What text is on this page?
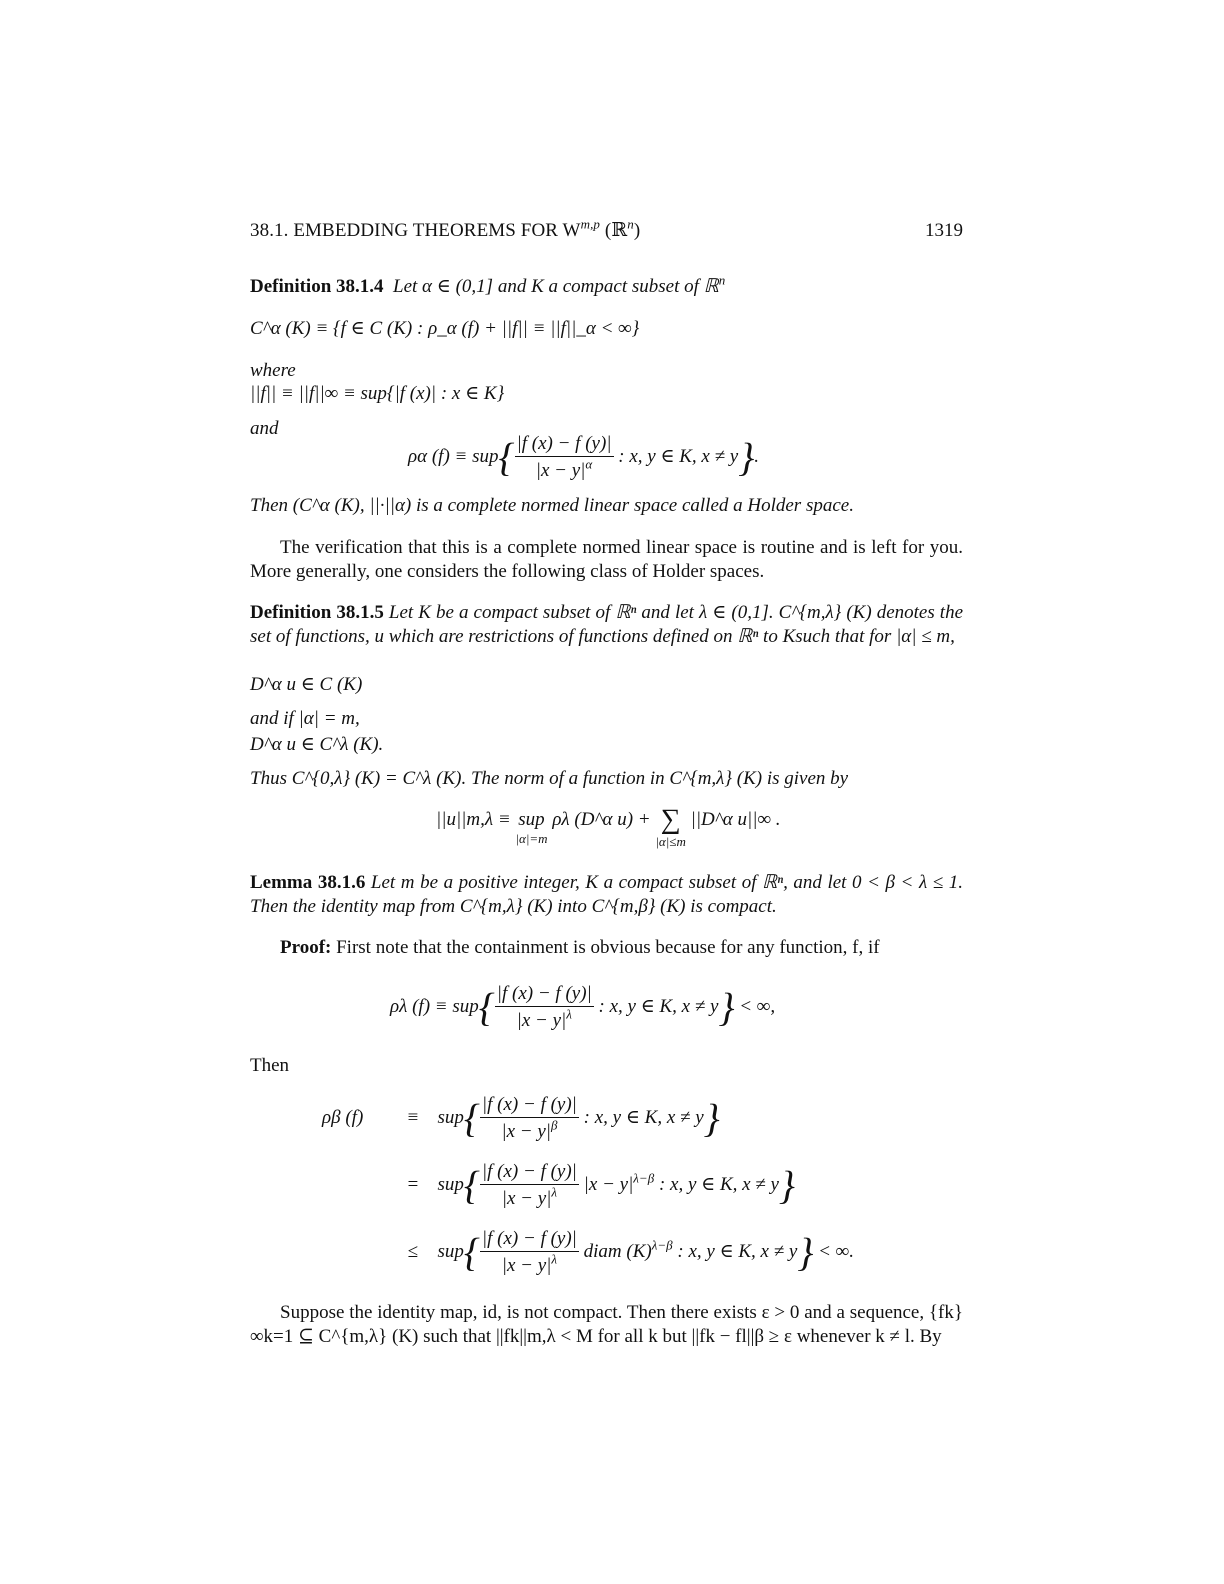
38.1. EMBEDDING THEOREMS FOR W$^{m,p}$ (ℝ$^n$)	1319
Definition 38.1.4 Let α ∈ (0,1] and K a compact subset of ℝ$^n$
C^α (K) ≡ {f ∈ C (K) : ρ_α (f) + ||f|| ≡ ||f||_α < ∞}
where
||f|| ≡ ||f||∞ ≡ sup{|f (x)| : x ∈ K}
and
ρα $(f) \equiv sup\{ \frac{|f (x) - f (y)|}{|x - y|^\alpha}$ : x, y ∈ K, x ≠ y}.
Then (C^α (K), ||·||α) is a complete normed linear space called a Holder space.
The verification that this is a complete normed linear space is routine and is left for you. More generally, one considers the following class of Holder spaces.
Definition 38.1.5 Let K be a compact subset of ℝⁿ and let λ ∈ (0,1]. C^{m,λ} (K) denotes the set of functions, u which are restrictions of functions defined on ℝⁿ to Ksuch that for |α| ≤ m,
D^α u ∈ C (K)
and if |α| = m,
D^α u ∈ C^λ (K).
Thus C^{0,λ} (K) = C^λ (K). The norm of a function in C^{m,λ} (K) is given by
||u||m,λ ≡ sup
|α|=m
ρλ (D^α u) + ∑
|α|≤m
||D^α u||∞ .
Lemma 38.1.6 Let m be a positive integer, K a compact subset of ℝⁿ, and let 0 < β < λ ≤ 1. Then the identity map from C^{m,λ} (K) into C^{m,β} (K) is compact.
Proof: First note that the containment is obvious because for any function, f, if
ρλ $(f) \equiv sup\{ \frac{|f (x) - f (y)|}{|x - y|^\lambda}$ : x, y ∈ K, x ≠ y} < ∞,
Then
ρβ $(f) \equiv sup\{ \frac{|f (x) - f (y)|}{|x - y|^\beta}$ : x, y ∈ K, x ≠ y}
= $sup\{ \frac{|f (x) - f (y)|}{|x - y|^\lambda} |x - y|^{\lambda-\beta}$ : x, y ∈ K, x ≠ y}
≤ $sup\{ \frac{|f (x) - f (y)|}{|x - y|^\lambda}$ diam $(K)^{\lambda-\beta}$ : x, y ∈ K, x ≠ y} < ∞.
Suppose the identity map, id, is not compact. Then there exists ε > 0 and a sequence, {fk}∞k=1 ⊆ C^{m,λ} (K) such that ||fk||m,λ < M for all k but ||fk − fl||β ≥ ε whenever k ≠ l. By
